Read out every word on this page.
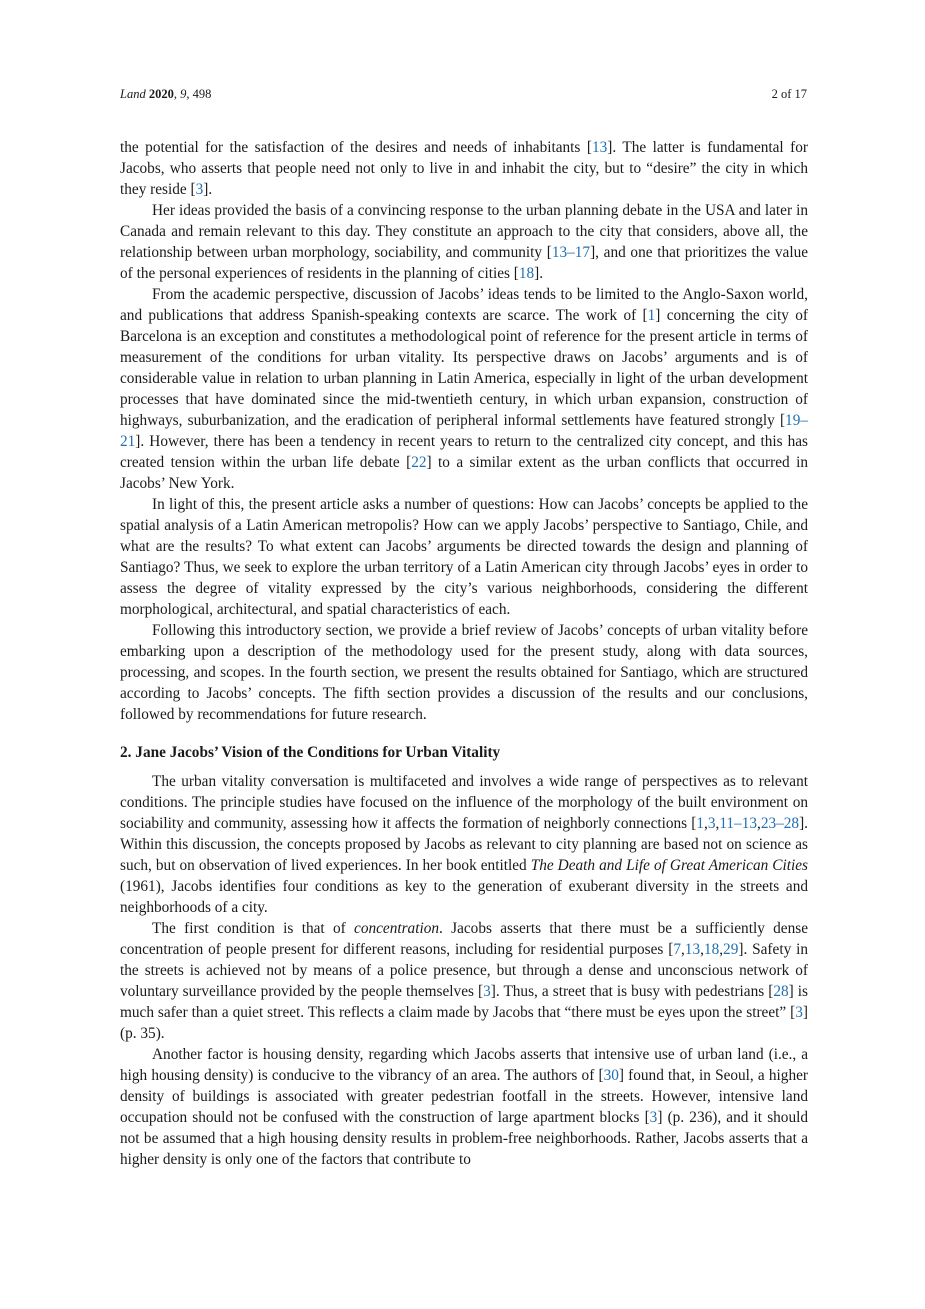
Land 2020, 9, 498	2 of 17

the potential for the satisfaction of the desires and needs of inhabitants [13]. The latter is fundamental for Jacobs, who asserts that people need not only to live in and inhabit the city, but to “desire” the city in which they reside [3].

Her ideas provided the basis of a convincing response to the urban planning debate in the USA and later in Canada and remain relevant to this day. They constitute an approach to the city that considers, above all, the relationship between urban morphology, sociability, and community [13–17], and one that prioritizes the value of the personal experiences of residents in the planning of cities [18].

From the academic perspective, discussion of Jacobs’ ideas tends to be limited to the Anglo-Saxon world, and publications that address Spanish-speaking contexts are scarce. The work of [1] concerning the city of Barcelona is an exception and constitutes a methodological point of reference for the present article in terms of measurement of the conditions for urban vitality. Its perspective draws on Jacobs’ arguments and is of considerable value in relation to urban planning in Latin America, especially in light of the urban development processes that have dominated since the mid-twentieth century, in which urban expansion, construction of highways, suburbanization, and the eradication of peripheral informal settlements have featured strongly [19–21]. However, there has been a tendency in recent years to return to the centralized city concept, and this has created tension within the urban life debate [22] to a similar extent as the urban conflicts that occurred in Jacobs’ New York.

In light of this, the present article asks a number of questions: How can Jacobs’ concepts be applied to the spatial analysis of a Latin American metropolis? How can we apply Jacobs’ perspective to Santiago, Chile, and what are the results? To what extent can Jacobs’ arguments be directed towards the design and planning of Santiago? Thus, we seek to explore the urban territory of a Latin American city through Jacobs’ eyes in order to assess the degree of vitality expressed by the city’s various neighborhoods, considering the different morphological, architectural, and spatial characteristics of each.

Following this introductory section, we provide a brief review of Jacobs’ concepts of urban vitality before embarking upon a description of the methodology used for the present study, along with data sources, processing, and scopes. In the fourth section, we present the results obtained for Santiago, which are structured according to Jacobs’ concepts. The fifth section provides a discussion of the results and our conclusions, followed by recommendations for future research.

2. Jane Jacobs’ Vision of the Conditions for Urban Vitality

The urban vitality conversation is multifaceted and involves a wide range of perspectives as to relevant conditions. The principle studies have focused on the influence of the morphology of the built environment on sociability and community, assessing how it affects the formation of neighborly connections [1,3,11–13,23–28]. Within this discussion, the concepts proposed by Jacobs as relevant to city planning are based not on science as such, but on observation of lived experiences. In her book entitled The Death and Life of Great American Cities (1961), Jacobs identifies four conditions as key to the generation of exuberant diversity in the streets and neighborhoods of a city.

The first condition is that of concentration. Jacobs asserts that there must be a sufficiently dense concentration of people present for different reasons, including for residential purposes [7,13,18,29]. Safety in the streets is achieved not by means of a police presence, but through a dense and unconscious network of voluntary surveillance provided by the people themselves [3]. Thus, a street that is busy with pedestrians [28] is much safer than a quiet street. This reflects a claim made by Jacobs that “there must be eyes upon the street” [3] (p. 35).

Another factor is housing density, regarding which Jacobs asserts that intensive use of urban land (i.e., a high housing density) is conducive to the vibrancy of an area. The authors of [30] found that, in Seoul, a higher density of buildings is associated with greater pedestrian footfall in the streets. However, intensive land occupation should not be confused with the construction of large apartment blocks [3] (p. 236), and it should not be assumed that a high housing density results in problem-free neighborhoods. Rather, Jacobs asserts that a higher density is only one of the factors that contribute to
